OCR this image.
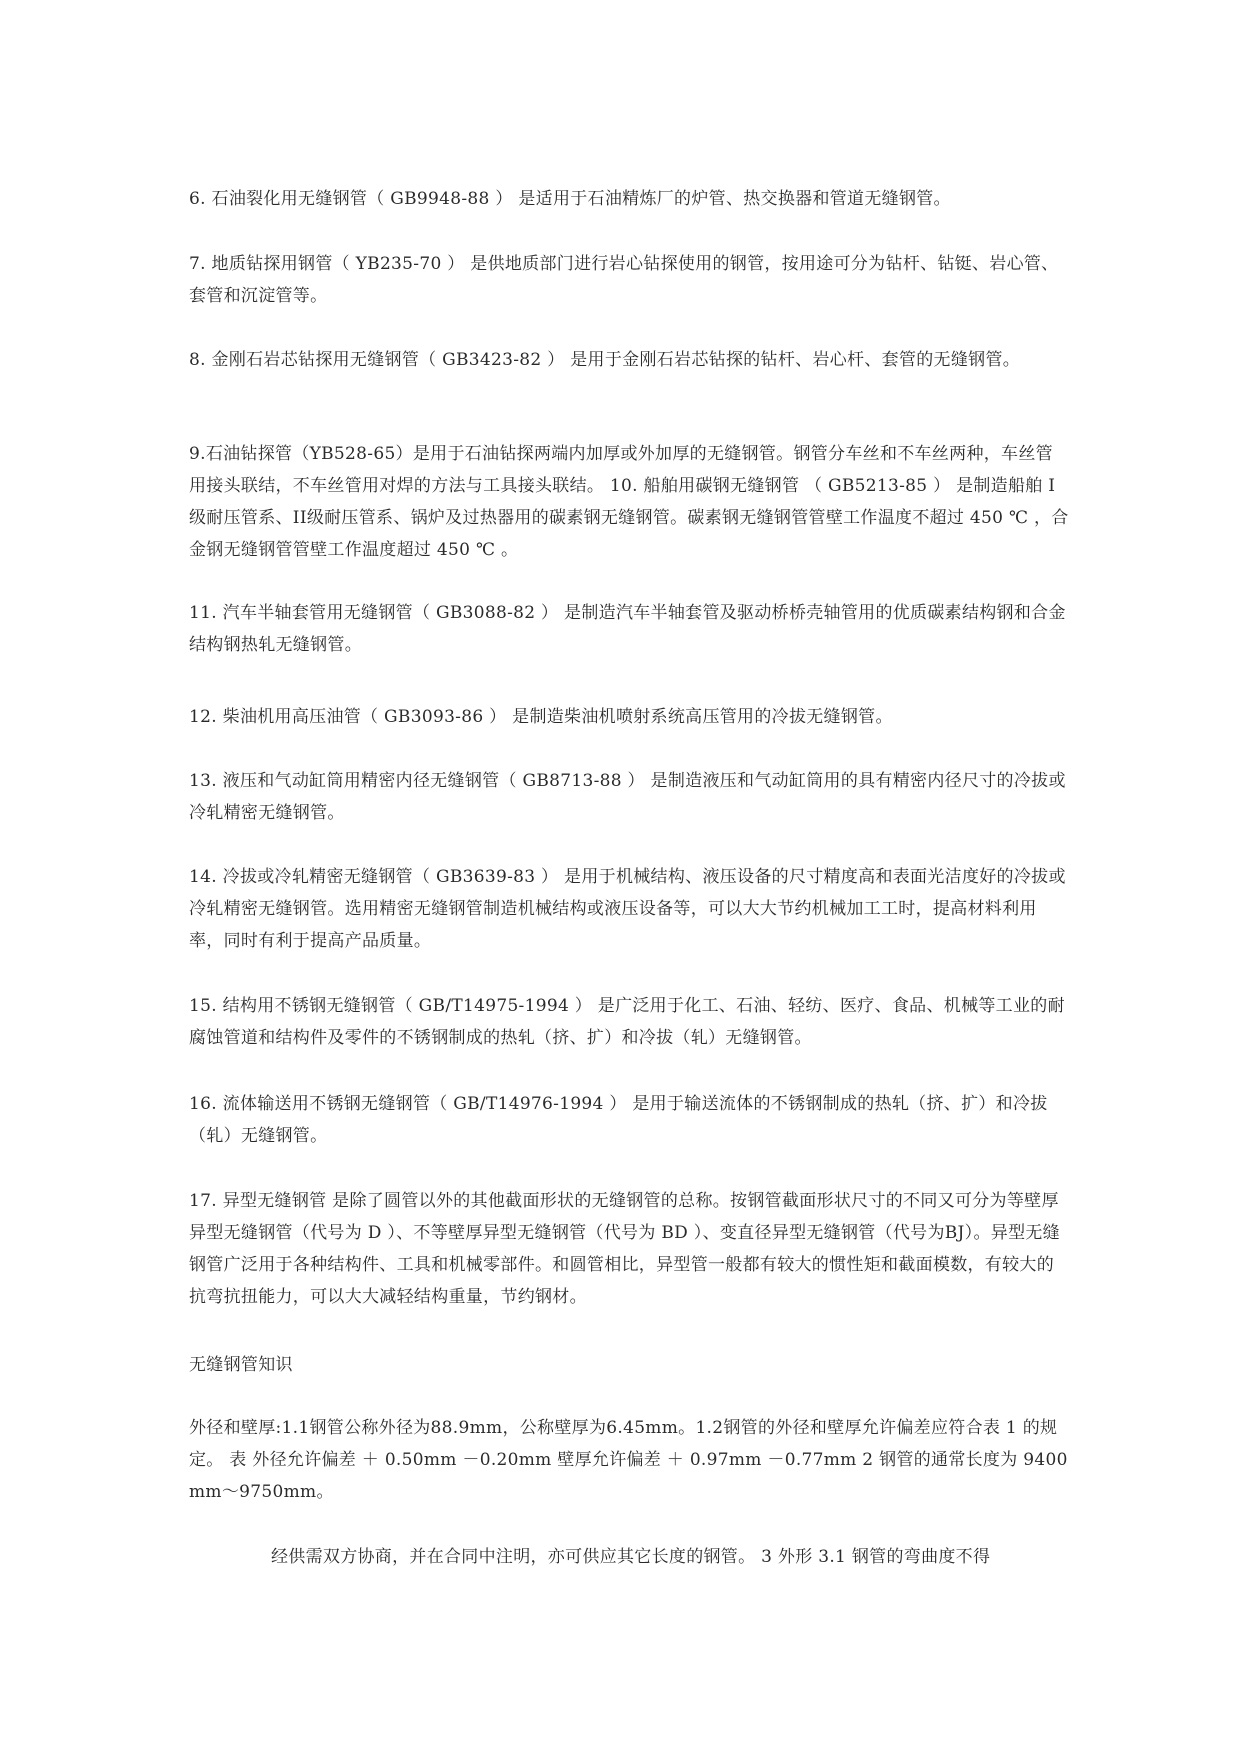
6. 石油裂化用无缝钢管（ GB9948-88 ） 是适用于石油精炼厂的炉管、热交换器和管道无缝钢管。

7. 地质钻探用钢管（ YB235-70 ） 是供地质部门进行岩心钻探使用的钢管，按用途可分为钻杆、钻铤、岩心管、套管和沉淀管等。

8. 金刚石岩芯钻探用无缝钢管（ GB3423-82 ） 是用于金刚石岩芯钻探的钻杆、岩心杆、套管的无缝钢管。

9.石油钻探管（YB528-65）是用于石油钻探两端内加厚或外加厚的无缝钢管。钢管分车丝和不车丝两种，车丝管用接头联结，不车丝管用对焊的方法与工具接头联结。 10. 船舶用碳钢无缝钢管 （ GB5213-85 ） 是制造船舶 I 级耐压管系、II级耐压管系、锅炉及过热器用的碳素钢无缝钢管。碳素钢无缝钢管管壁工作温度不超过 450 ℃ ，合金钢无缝钢管管壁工作温度超过 450 ℃ 。

11. 汽车半轴套管用无缝钢管（ GB3088-82 ） 是制造汽车半轴套管及驱动桥桥壳轴管用的优质碳素结构钢和合金结构钢热轧无缝钢管。

12. 柴油机用高压油管（ GB3093-86 ） 是制造柴油机喷射系统高压管用的冷拔无缝钢管。

13. 液压和气动缸筒用精密内径无缝钢管（ GB8713-88 ） 是制造液压和气动缸筒用的具有精密内径尺寸的冷拔或冷轧精密无缝钢管。

14. 冷拔或冷轧精密无缝钢管（ GB3639-83 ） 是用于机械结构、液压设备的尺寸精度高和表面光洁度好的冷拔或冷轧精密无缝钢管。选用精密无缝钢管制造机械结构或液压设备等，可以大大节约机械加工工时，提高材料利用率，同时有利于提高产品质量。

15. 结构用不锈钢无缝钢管（ GB/T14975-1994 ） 是广泛用于化工、石油、轻纺、医疗、食品、机械等工业的耐腐蚀管道和结构件及零件的不锈钢制成的热轧（挤、扩）和冷拔（轧）无缝钢管。

16. 流体输送用不锈钢无缝钢管（ GB/T14976-1994 ） 是用于输送流体的不锈钢制成的热轧（挤、扩）和冷拔（轧）无缝钢管。

17. 异型无缝钢管 是除了圆管以外的其他截面形状的无缝钢管的总称。按钢管截面形状尺寸的不同又可分为等壁厚异型无缝钢管（代号为 D ）、不等壁厚异型无缝钢管（代号为 BD ）、变直径异型无缝钢管（代号为BJ）。异型无缝钢管广泛用于各种结构件、工具和机械零部件。和圆管相比，异型管一般都有较大的惯性矩和截面模数，有较大的抗弯抗扭能力，可以大大减轻结构重量，节约钢材。

无缝钢管知识

外径和壁厚:1.1钢管公称外径为88.9mm，公称壁厚为6.45mm。1.2钢管的外径和壁厚允许偏差应符合表 1 的规定。 表 外径允许偏差 ＋ 0.50mm －0.20mm 壁厚允许偏差 ＋ 0.97mm －0.77mm 2 钢管的通常长度为 9400mm～9750mm。

经供需双方协商，并在合同中注明，亦可供应其它长度的钢管。 3 外形 3.1 钢管的弯曲度不得
